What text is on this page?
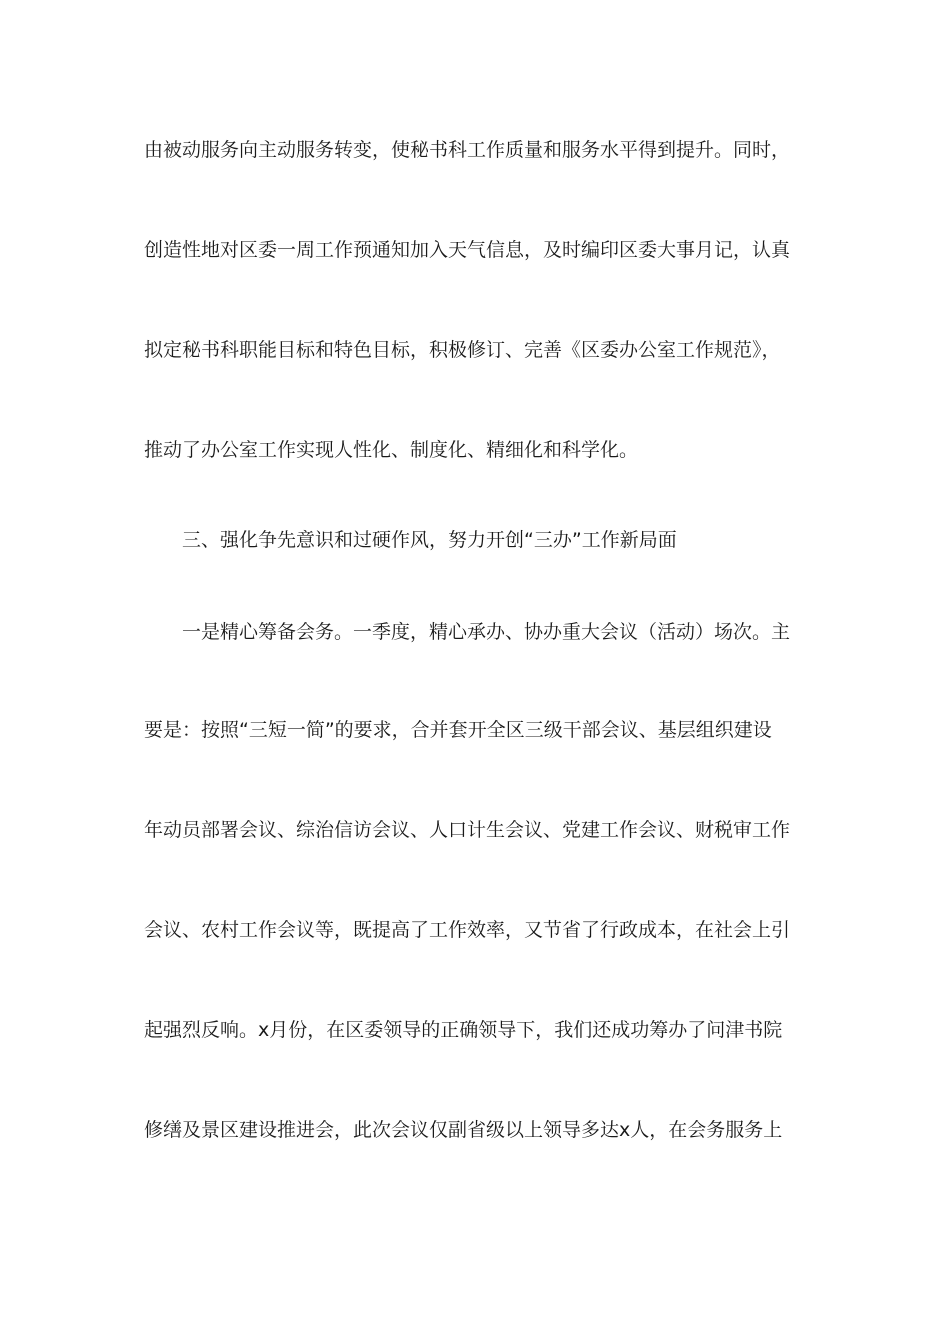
由被动服务向主动服务转变，使秘书科工作质量和服务水平得到提升。同时，
创造性地对区委一周工作预通知加入天气信息，及时编印区委大事月记，认真
拟定秘书科职能目标和特色目标，积极修订、完善《区委办公室工作规范》，
推动了办公室工作实现人性化、制度化、精细化和科学化。
三、强化争先意识和过硬作风，努力开创“三办”工作新局面
一是精心筹备会务。一季度，精心承办、协办重大会议（活动）场次。主
要是：按照“三短一简”的要求，合并套开全区三级干部会议、基层组织建设
年动员部署会议、综治信访会议、人口计生会议、党建工作会议、财税审工作
会议、农村工作会议等，既提高了工作效率，又节省了行政成本，在社会上引
起强烈反响。x月份，在区委领导的正确领导下，我们还成功筹办了问津书院
修缮及景区建设推进会，此次会议仅副省级以上领导多达x人，在会务服务上
